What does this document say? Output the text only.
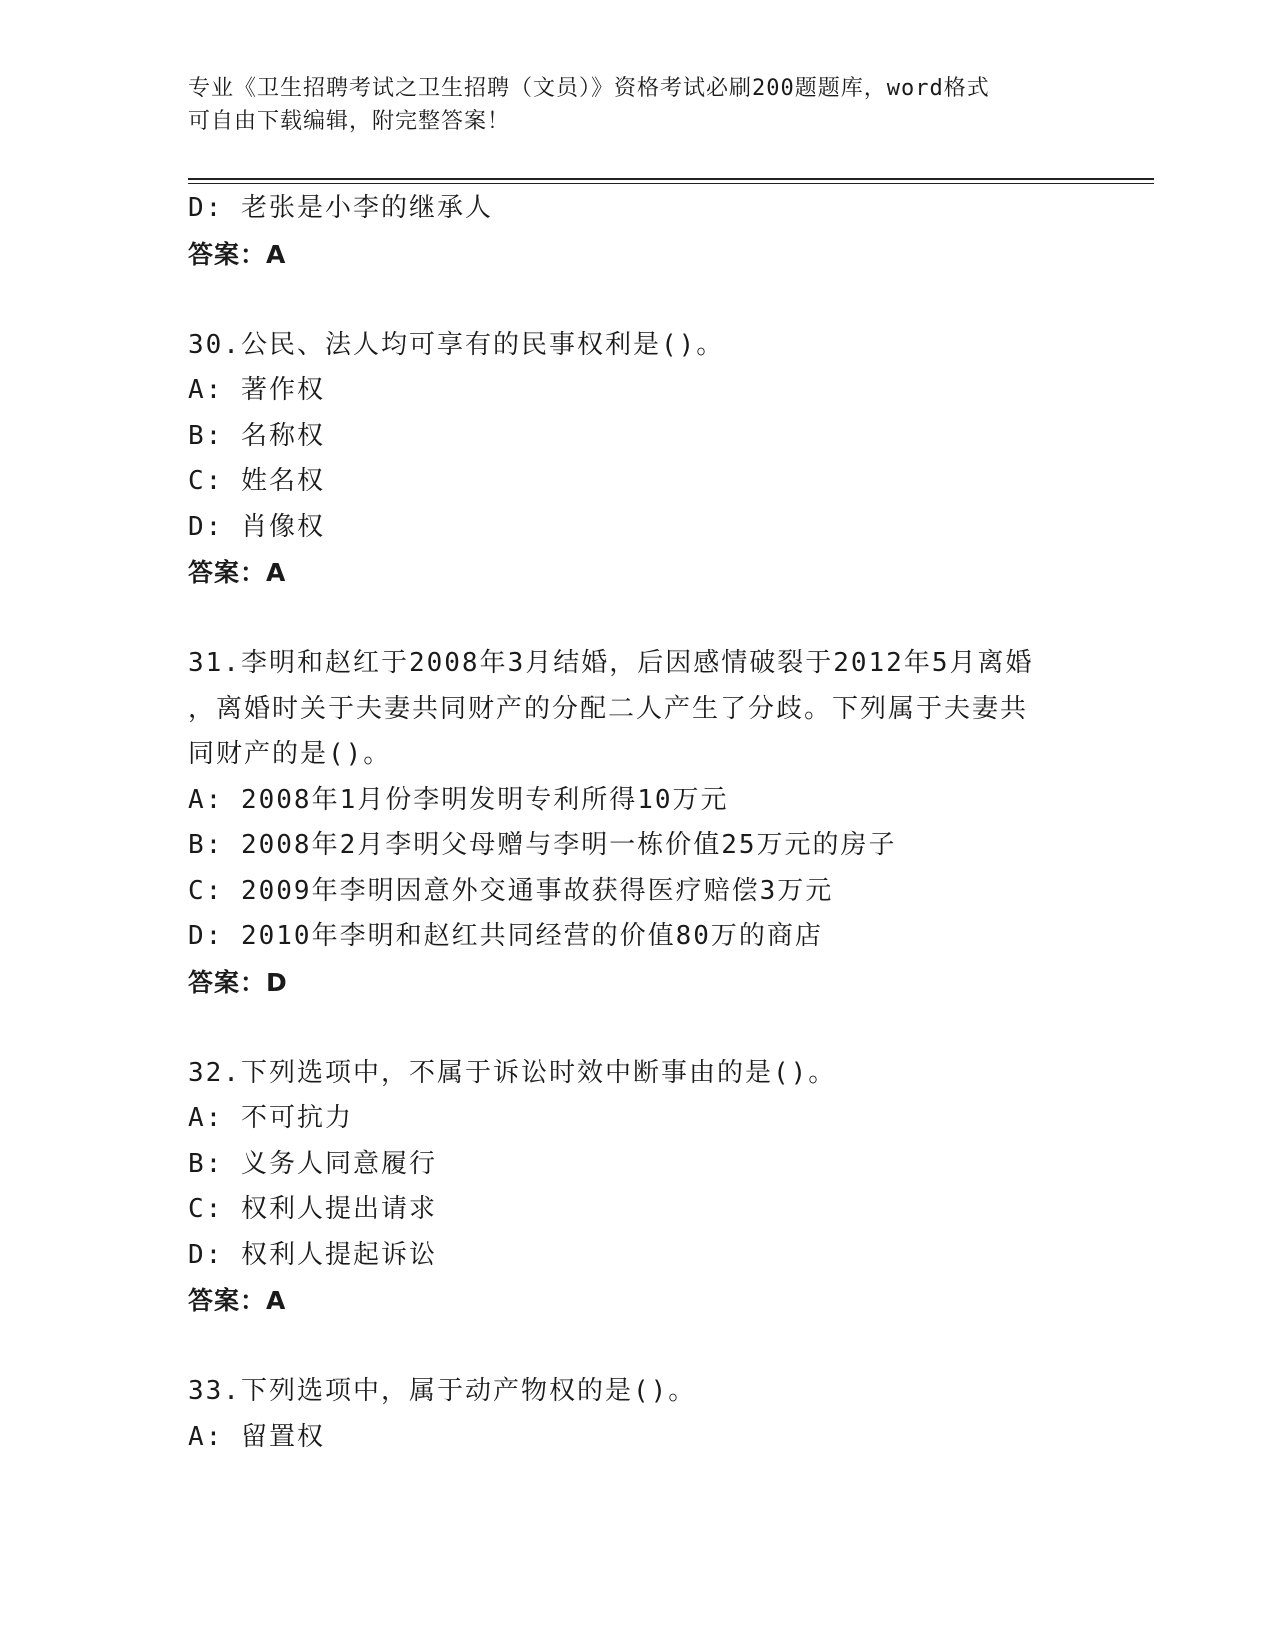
专业《卫生招聘考试之卫生招聘（文员）》资格考试必刷200题题库，word格式
可自由下载编辑，附完整答案！
D: 老张是小李的继承人
答案：A
30.公民、法人均可享有的民事权利是()。
A: 著作权
B: 名称权
C: 姓名权
D: 肖像权
答案：A
31.李明和赵红于2008年3月结婚，后因感情破裂于2012年5月离婚
，离婚时关于夫妻共同财产的分配二人产生了分歧。下列属于夫妻共
同财产的是()。
A: 2008年1月份李明发明专利所得10万元
B: 2008年2月李明父母赠与李明一栋价值25万元的房子
C: 2009年李明因意外交通事故获得医疗赔偿3万元
D: 2010年李明和赵红共同经营的价值80万的商店
答案：D
32.下列选项中，不属于诉讼时效中断事由的是()。
A: 不可抗力
B: 义务人同意履行
C: 权利人提出请求
D: 权利人提起诉讼
答案：A
33.下列选项中，属于动产物权的是()。
A: 留置权
